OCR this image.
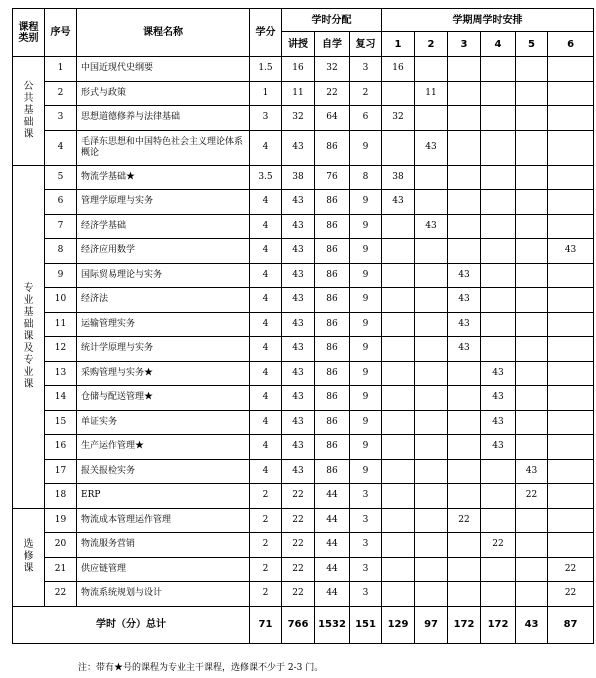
课程类别	序号	课程名称	学分	学时分配			学期周学时安排					
				讲授	自学	复习	1	2	3	4	5	6
公共基础课	1	中国近现代史纲要	1.5	16	32	3	16					
	2	形式与政策	1	11	22	2		11				
	3	思想道德修养与法律基础	3	32	64	6	32					
	4	毛泽东思想和中国特色社会主义理论体系概论	4	43	86	9		43				
专业基础课及专业课	5	物流学基础★	3.5	38	76	8	38					
	6	管理学原理与实务	4	43	86	9	43					
	7	经济学基础	4	43	86	9		43				
	8	经济应用数学	4	43	86	9						43
	9	国际贸易理论与实务	4	43	86	9			43			
	10	经济法	4	43	86	9			43			
	11	运输管理实务	4	43	86	9			43			
	12	统计学原理与实务	4	43	86	9			43			
	13	采购管理与实务★	4	43	86	9				43		
	14	仓储与配送管理★	4	43	86	9				43		
	15	单证实务	4	43	86	9				43		
	16	生产运作管理★	4	43	86	9				43		
	17	报关报检实务	4	43	86	9					43	
	18	ERP	2	22	44	3					22	
选修课	19	物流成本管理运作管理	2	22	44	3			22			
	20	物流服务营销	2	22	44	3				22		
	21	供应链管理	2	22	44	3						22
	22	物流系统规划与设计	2	22	44	3						22
学时（分）总计			71	766	1532	151	129	97	172	172	43	87
注：带有★号的课程为专业主干课程，选修课不少于 2-3 门。
